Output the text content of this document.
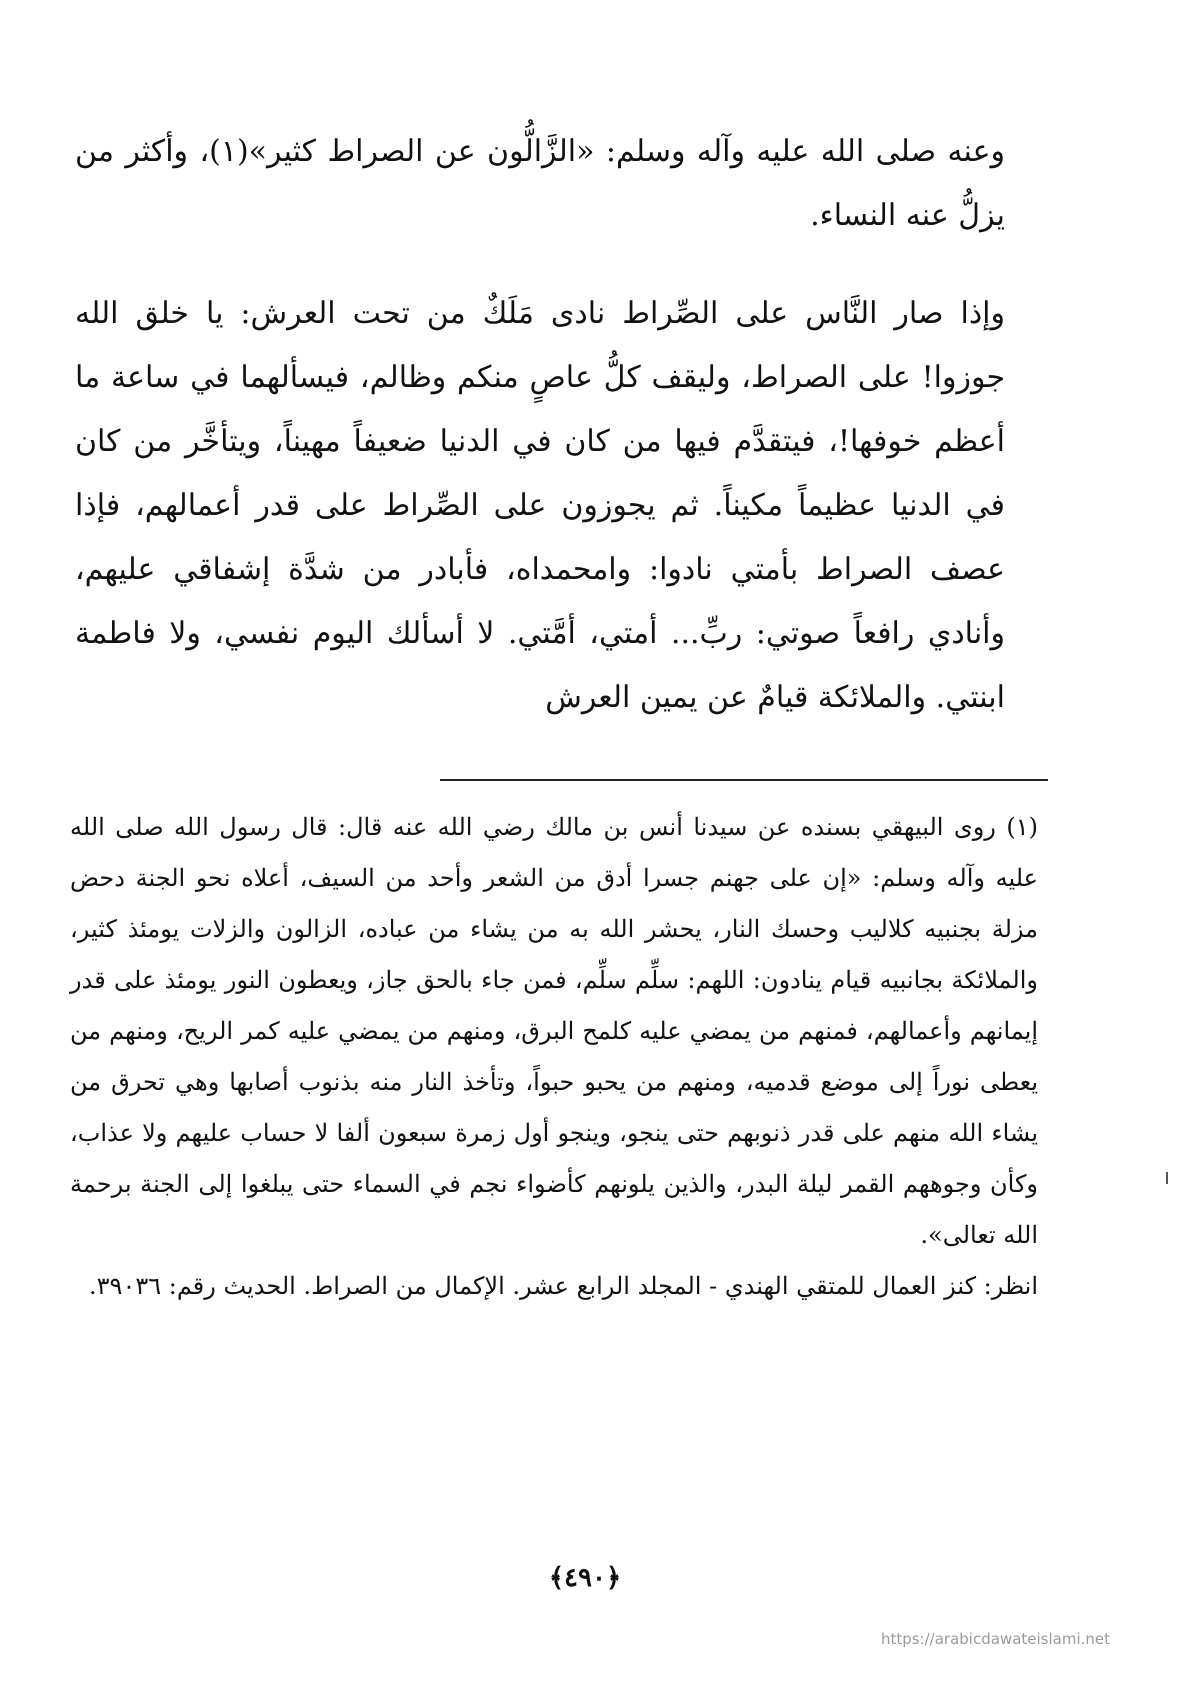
وعنه صلى الله عليه وآله وسلم: «الزَّالُّون عن الصراط كثير»(١)، وأكثر من يزلُّ عنه النساء.
وإذا صار النَّاس على الصِّراط نادى مَلَكٌ من تحت العرش: يا خلق الله جوزوا! على الصراط، وليقف كلُّ عاصٍ منكم وظالم، فيسألهما في ساعة ما أعظم خوفها!، فيتقدَّم فيها من كان في الدنيا ضعيفاً مهيناً، ويتأخَّر من كان في الدنيا عظيماً مكيناً. ثم يجوزون على الصِّراط على قدر أعمالهم، فإذا عصف الصراط بأمتي نادوا: وامحمداه، فأبادر من شدَّة إشفاقي عليهم، وأنادي رافعاً صوتي: ربِّ... أمتي، أمَّتي. لا أسألك اليوم نفسي، ولا فاطمة ابنتي. والملائكة قيامٌ عن يمين العرش

(١) روى البيهقي بسنده عن سيدنا أنس بن مالك رضي الله عنه قال: قال رسول الله صلى الله عليه وآله وسلم: «إن على جهنم جسرا أدق من الشعر وأحد من السيف، أعلاه نحو الجنة دحض مزلة بجنبيه كلاليب وحسك النار، يحشر الله به من يشاء من عباده، الزالون والزلات يومئذ كثير، والملائكة بجانبيه قيام ينادون: اللهم: سلِّم سلِّم، فمن جاء بالحق جاز، ويعطون النور يومئذ على قدر إيمانهم وأعمالهم، فمنهم من يمضي عليه كلمح البرق، ومنهم من يمضي عليه كمر الريح، ومنهم من يعطى نوراً إلى موضع قدميه، ومنهم من يحبو حبواً، وتأخذ النار منه بذنوب أصابها وهي تحرق من يشاء الله منهم على قدر ذنوبهم حتى ينجو، وينجو أول زمرة سبعون ألفا لا حساب عليهم ولا عذاب، وكأن وجوههم القمر ليلة البدر، والذين يلونهم كأضواء نجم في السماء حتى يبلغوا إلى الجنة برحمة الله تعالى».

انظر: كنز العمال للمتقي الهندي - المجلد الرابع عشر. الإكمال من الصراط. الحديث رقم: ٣٩٠٣٦.

﴿٤٩٠﴾
https://arabicdawateislami.net
